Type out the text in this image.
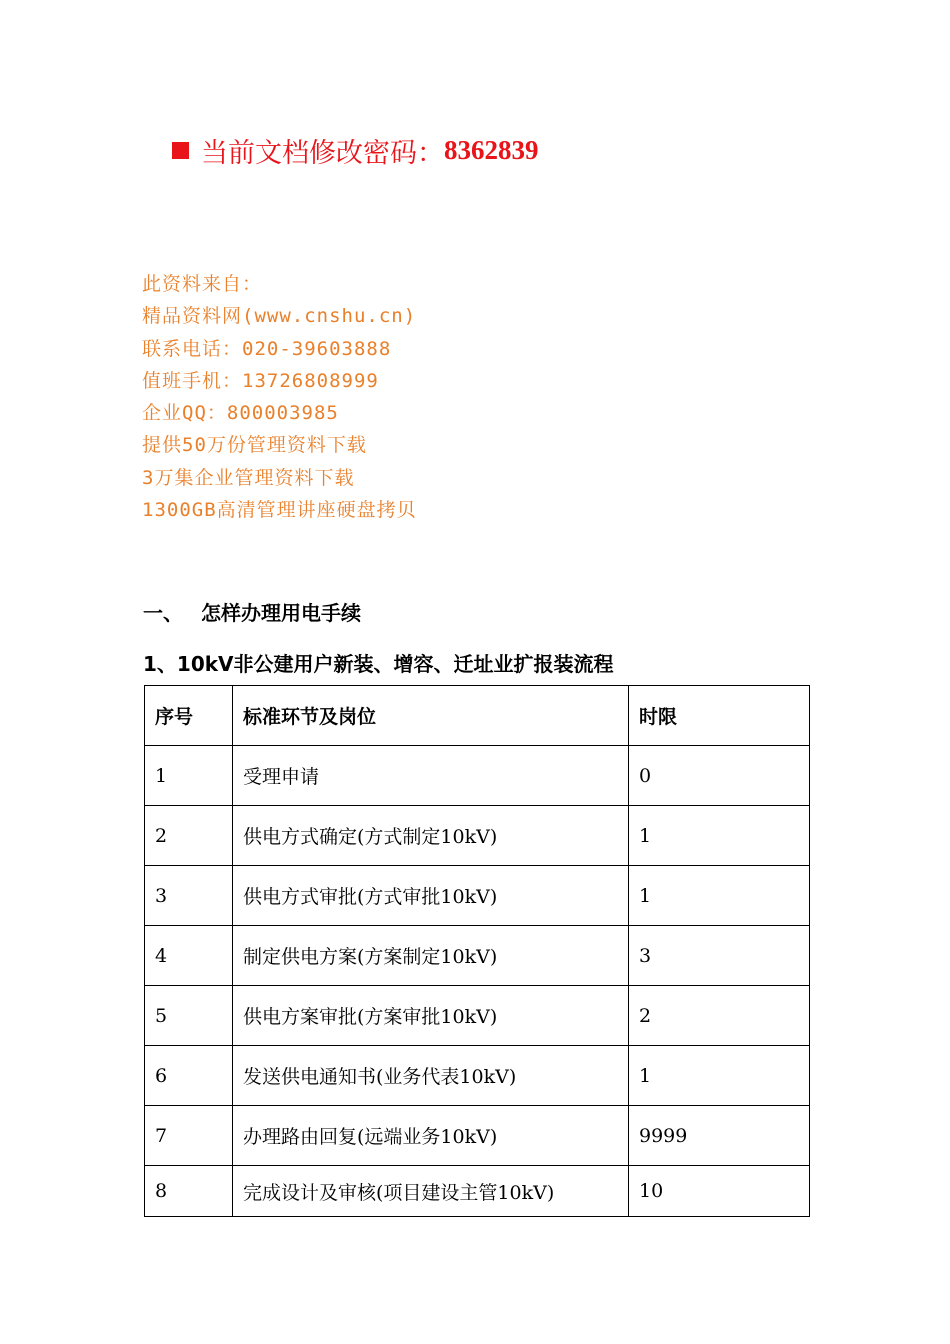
当前文档修改密码： 8362839
此资料来自：
精品资料网(www.cnshu.cn)
联系电话：020-39603888
值班手机：13726808999
企业QQ：800003985
提供50万份管理资料下载
3万集企业管理资料下载
1300GB高清管理讲座硬盘拷贝
一、 怎样办理用电手续
1、10kV非公建用户新装、增容、迁址业扩报装流程
序号	标准环节及岗位	时限
1	受理申请	0
2	供电方式确定(方式制定10kV)	1
3	供电方式审批(方式审批10kV)	1
4	制定供电方案(方案制定10kV)	3
5	供电方案审批(方案审批10kV)	2
6	发送供电通知书(业务代表10kV)	1
7	办理路由回复(远端业务10kV)	9999
8	完成设计及审核(项目建设主管10kV)	10
